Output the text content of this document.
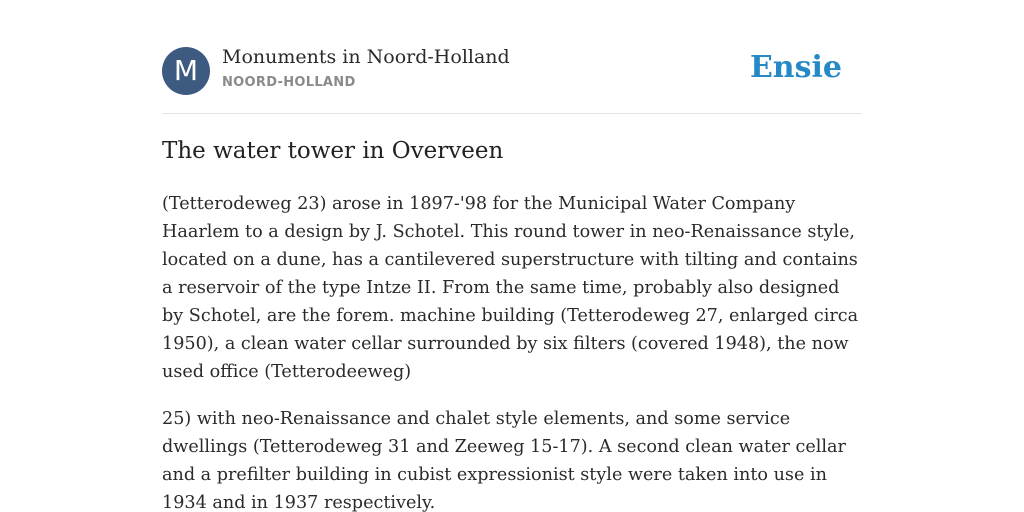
M	Monuments in Noord-Holland
NOORD-HOLLAND	Ensie
The water tower in Overveen

(Tetterodeweg 23) arose in 1897-'98 for the Municipal Water Company Haarlem to a design by J. Schotel. This round tower in neo-Renaissance style, located on a dune, has a cantilevered superstructure with tilting and contains a reservoir of the type Intze II. From the same time, probably also designed by Schotel, are the forem. machine building (Tetterodeweg 27, enlarged circa 1950), a clean water cellar surrounded by six filters (covered 1948), the now used office (Tetterodeeweg)

25) with neo-Renaissance and chalet style elements, and some service dwellings (Tetterodeweg 31 and Zeeweg 15-17). A second clean water cellar and a prefilter building in cubist expressionist style were taken into use in 1934 and in 1937 respectively.
